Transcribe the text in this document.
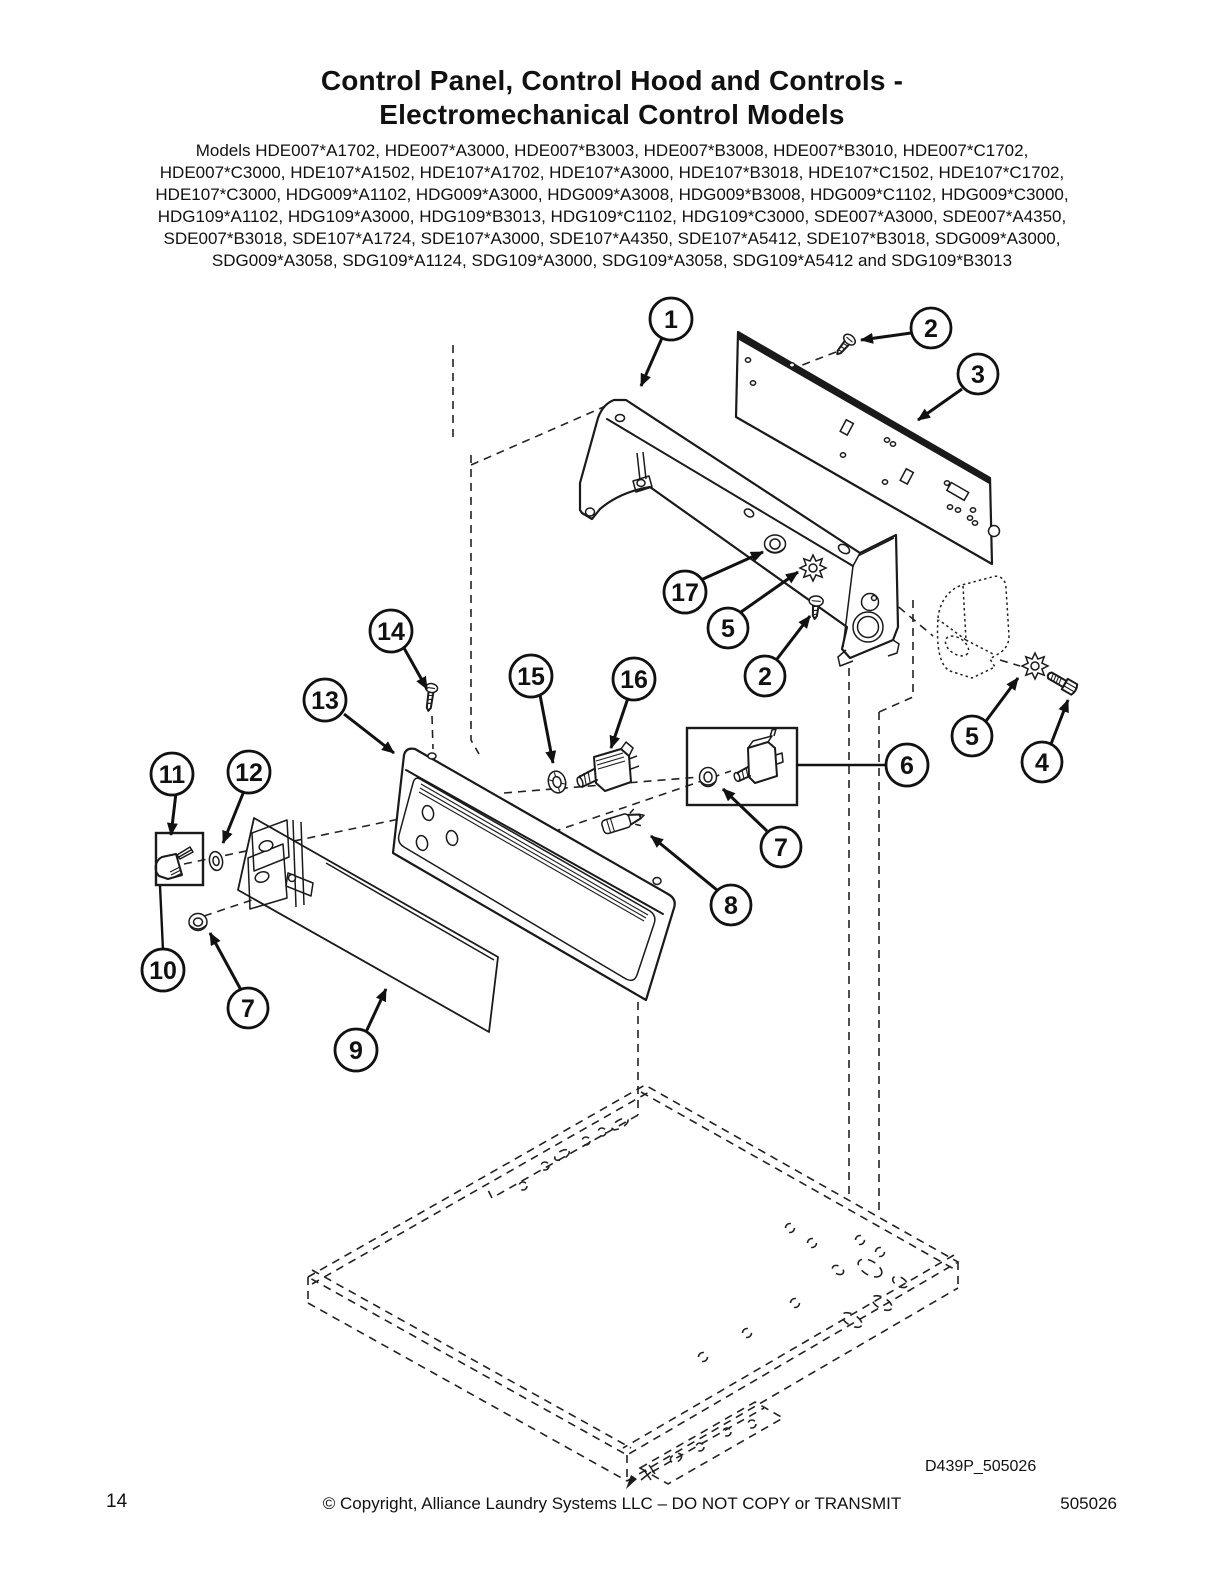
Control Panel, Control Hood and Controls -
Electromechanical Control Models
Models HDE007*A1702, HDE007*A3000, HDE007*B3003, HDE007*B3008, HDE007*B3010, HDE007*C1702,
HDE007*C3000, HDE107*A1502, HDE107*A1702, HDE107*A3000, HDE107*B3018, HDE107*C1502, HDE107*C1702,
HDE107*C3000, HDG009*A1102, HDG009*A3000, HDG009*A3008, HDG009*B3008, HDG009*C1102, HDG009*C3000,
HDG109*A1102, HDG109*A3000, HDG109*B3013, HDG109*C1102, HDG109*C3000, SDE007*A3000, SDE007*A4350,
SDE007*B3018, SDE107*A1724, SDE107*A3000, SDE107*A4350, SDE107*A5412, SDE107*B3018, SDG009*A3000,
SDG009*A3058, SDG109*A1124, SDG109*A3000, SDG109*A3058, SDG109*A5412 and SDG109*B3013
1	2
3
17
5
2
14
15	16
13
6
5
4
11 12
7
8
10
7
9
D439P_505026
14	© Copyright, Alliance Laundry Systems LLC – DO NOT COPY or TRANSMIT	505026
